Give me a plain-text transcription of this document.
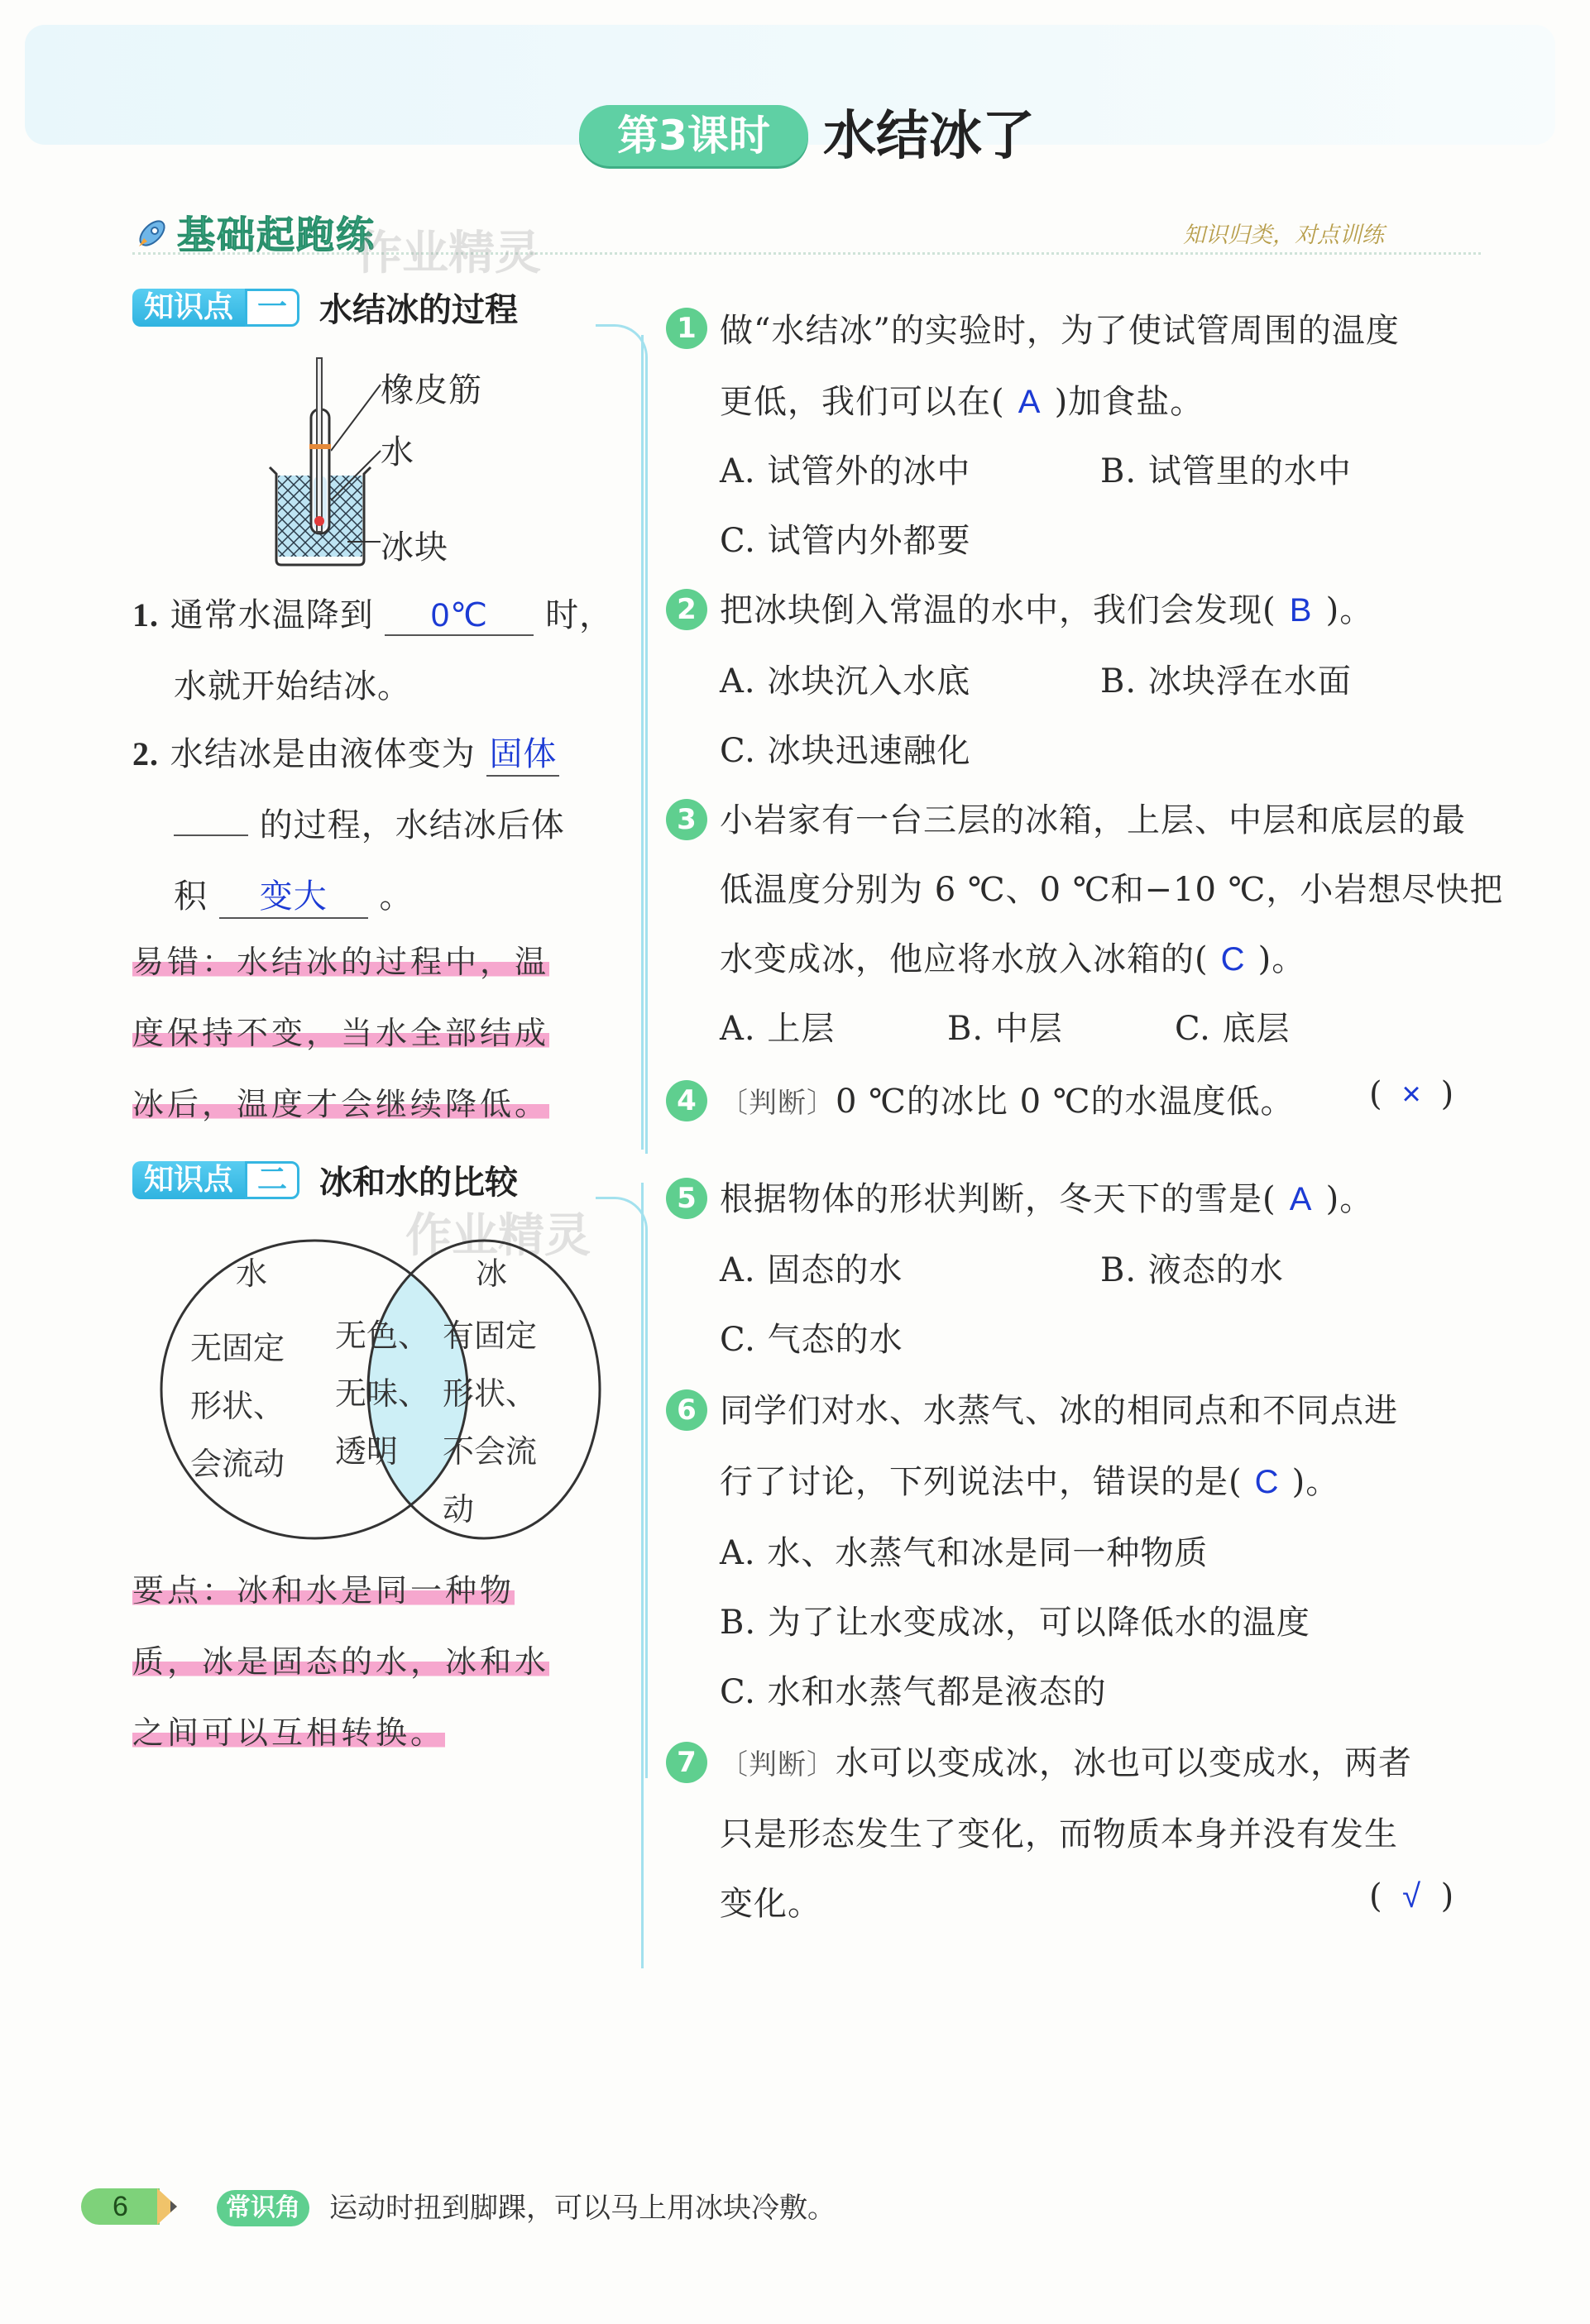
第3课时	水结冰了
基础起跑练	知识归类，对点训练
作业精灵
知识点 一 水结冰的过程
橡皮筋
水
冰块
1. 通常水温降到 0℃ 时，
水就开始结冰。
2. 水结冰是由液体变为 固体
的过程，水结冰后体
积 变大 。
易错：水结冰的过程中，温
度保持不变，当水全部结成
冰后，温度才会继续降低。
知识点 二 冰和水的比较
作业精灵
水	冰
无固定
形状、
会流动
无色、
无味、
透明
有固定
形状、
不会流
动
要点：冰和水是同一种物
质，冰是固态的水，冰和水
之间可以互相转换。
1 做“水结冰”的实验时，为了使试管周围的温度
更低，我们可以在( A )加食盐。
A. 试管外的冰中	B. 试管里的水中
C. 试管内外都要
2 把冰块倒入常温的水中，我们会发现( B )。
A. 冰块沉入水底	B. 冰块浮在水面
C. 冰块迅速融化
3 小岩家有一台三层的冰箱，上层、中层和底层的最
低温度分别为 6 ℃、0 ℃和−10 ℃，小岩想尽快把
水变成冰，他应将水放入冰箱的( C )。
A. 上层	B. 中层	C. 底层
4 〔判断〕0 ℃的冰比 0 ℃的水温度低。 ( × )
5 根据物体的形状判断，冬天下的雪是( A )。
A. 固态的水	B. 液态的水
C. 气态的水
6 同学们对水、水蒸气、冰的相同点和不同点进
行了讨论，下列说法中，错误的是( C )。
A. 水、水蒸气和冰是同一种物质
B. 为了让水变成冰，可以降低水的温度
C. 水和水蒸气都是液态的
7 〔判断〕水可以变成冰，冰也可以变成水，两者
只是形态发生了变化，而物质本身并没有发生
变化。	( √ )
6	常识角	运动时扭到脚踝，可以马上用冰块冷敷。
